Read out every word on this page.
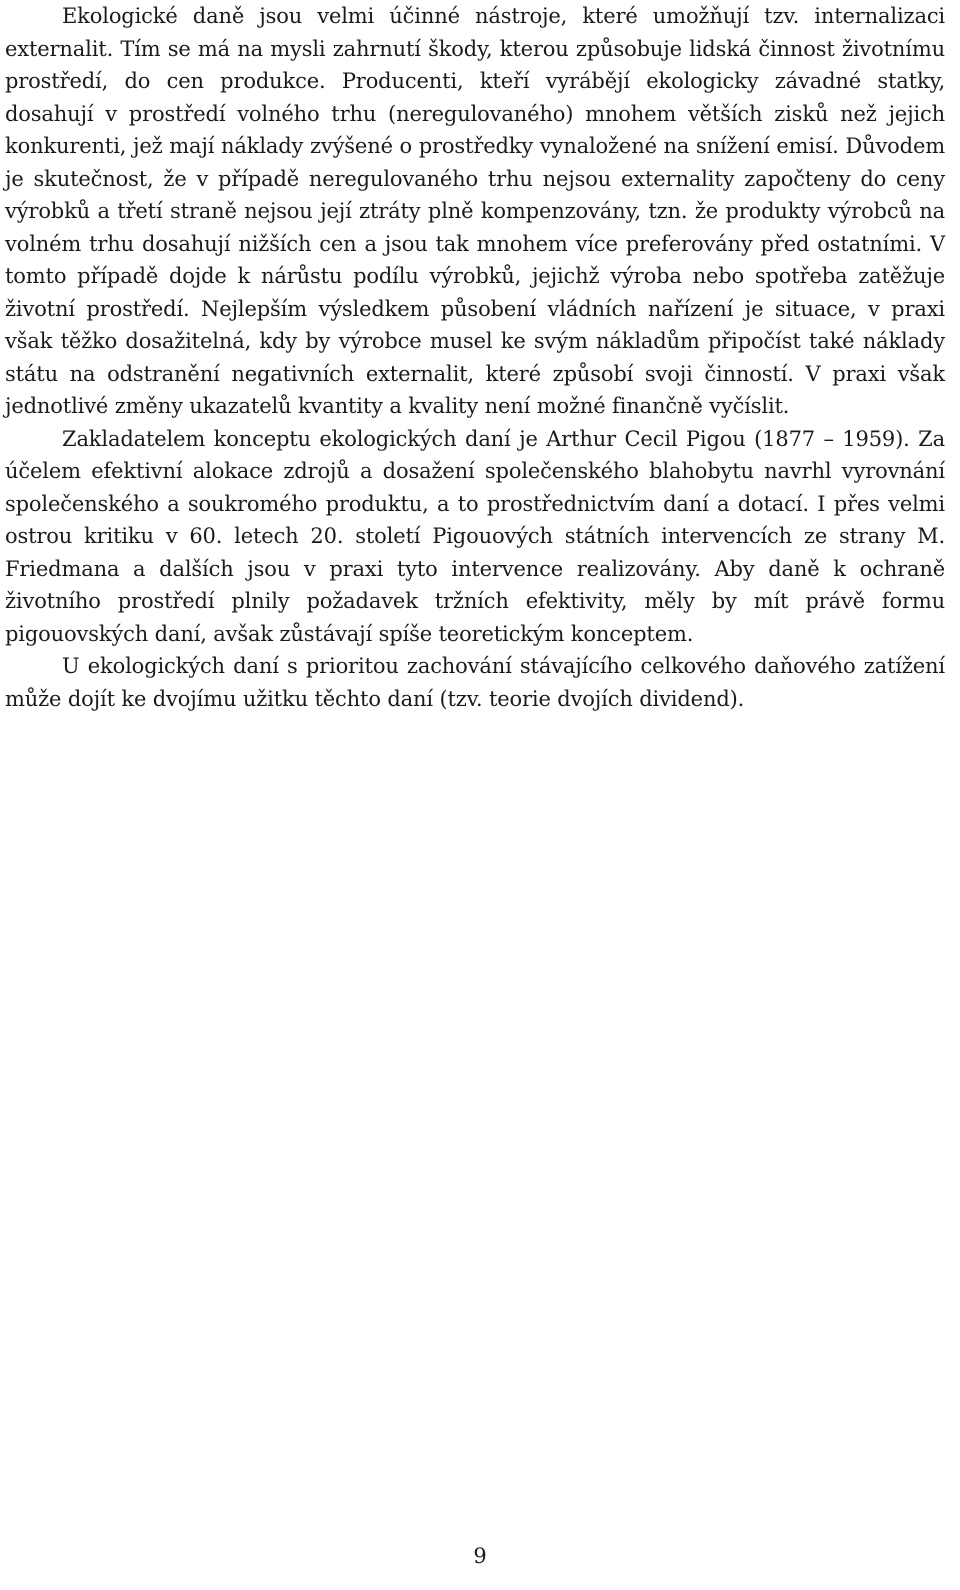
Ekologické daně jsou velmi účinné nástroje, které umožňují tzv. internalizaci externalit. Tím se má na mysli zahrnutí škody, kterou způsobuje lidská činnost životnímu prostředí, do cen produkce. Producenti, kteří vyrábějí ekologicky závadné statky, dosahují v prostředí volného trhu (neregulovaného) mnohem větších zisků než jejich konkurenti, jež mají náklady zvýšené o prostředky vynaložené na snížení emisí. Důvodem je skutečnost, že v případě neregulovaného trhu nejsou externality započteny do ceny výrobků a třetí straně nejsou její ztráty plně kompenzovány, tzn. že produkty výrobců na volném trhu dosahují nižších cen a jsou tak mnohem více preferovány před ostatními. V tomto případě dojde k nárůstu podílu výrobků, jejichž výroba nebo spotřeba zatěžuje životní prostředí. Nejlepším výsledkem působení vládních nařízení je situace, v praxi však těžko dosažitelná, kdy by výrobce musel ke svým nákladům připočíst také náklady státu na odstranění negativních externalit, které způsobí svoji činností. V praxi však jednotlivé změny ukazatelů kvantity a kvality není možné finančně vyčíslit.

Zakladatelem konceptu ekologických daní je Arthur Cecil Pigou (1877 – 1959). Za účelem efektivní alokace zdrojů a dosažení společenského blahobytu navrhl vyrovnání společenského a soukromého produktu, a to prostřednictvím daní a dotací. I přes velmi ostrou kritiku v 60. letech 20. století Pigouových státních intervencích ze strany M. Friedmana a dalších jsou v praxi tyto intervence realizovány. Aby daně k ochraně životního prostředí plnily požadavek tržních efektivity, měly by mít právě formu pigouovských daní, avšak zůstávají spíše teoretickým konceptem.

U ekologických daní s prioritou zachování stávajícího celkového daňového zatížení může dojít ke dvojímu užitku těchto daní (tzv. teorie dvojích dividend).

9
